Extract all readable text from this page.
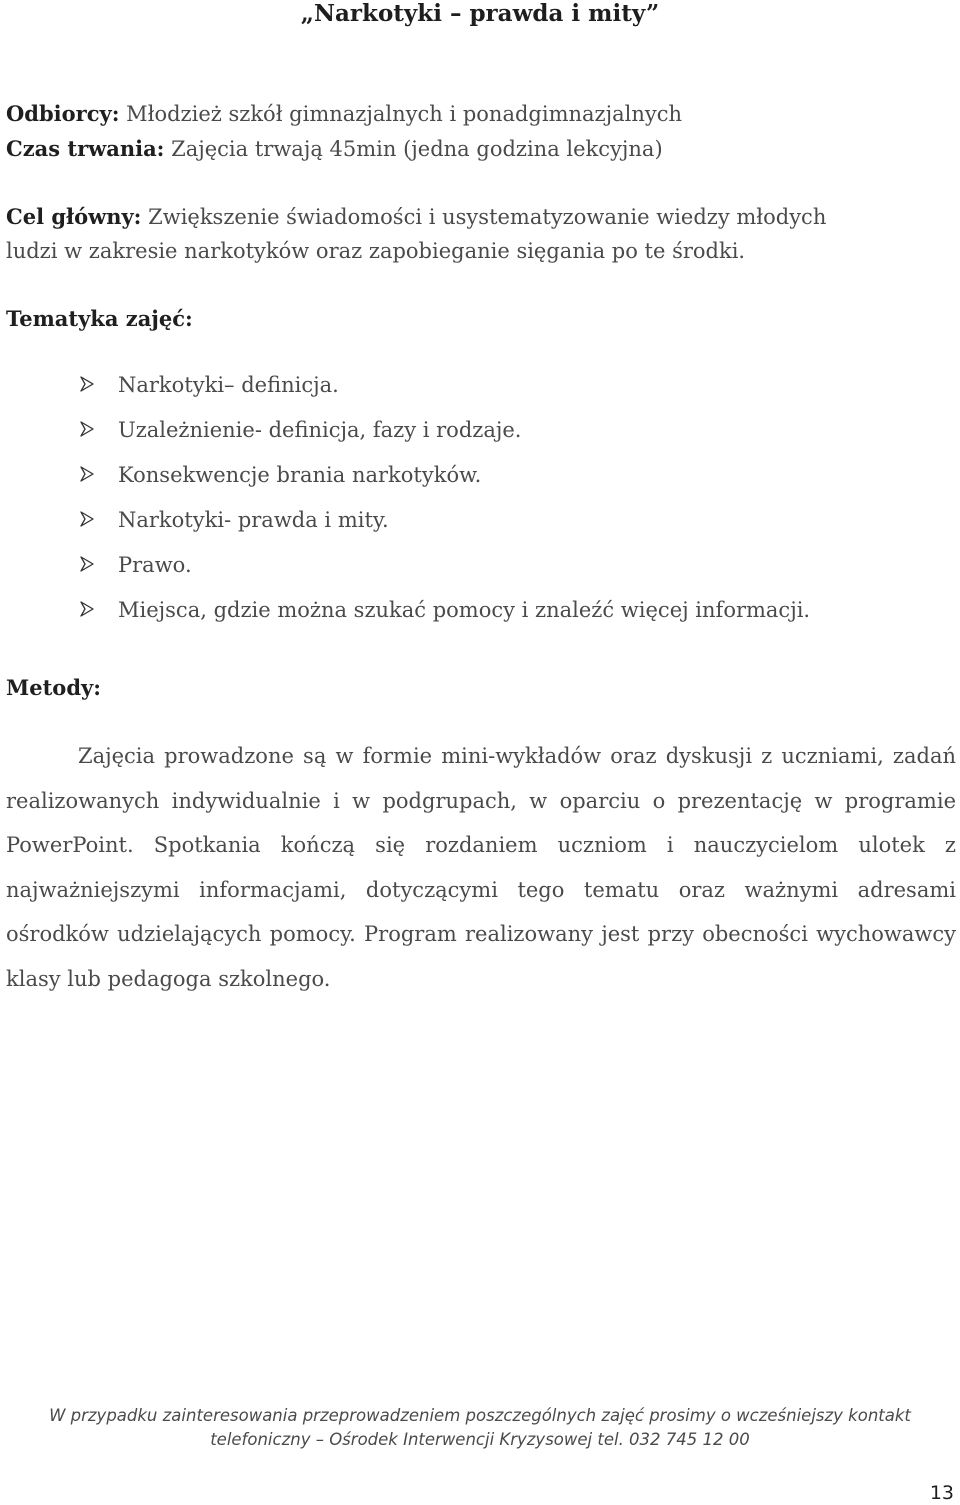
„Narkotyki – prawda i mity”

Odbiorcy: Młodzież szkół gimnazjalnych i ponadgimnazjalnych

Czas trwania: Zajęcia trwają 45min (jedna godzina lekcyjna)

Cel główny: Zwiększenie świadomości i usystematyzowanie wiedzy młodych

ludzi w zakresie narkotyków oraz zapobieganie sięgania po te środki.

Tematyka zajęć:
Narkotyki– definicja.
Uzależnienie- definicja, fazy i rodzaje.
Konsekwencje brania narkotyków.
Narkotyki- prawda i mity.
Prawo.
Miejsca, gdzie można szukać pomocy i znaleźć więcej informacji.
Metody:

Zajęcia prowadzone są w formie mini-wykładów oraz dyskusji z uczniami, zadań realizowanych indywidualnie i w podgrupach, w oparciu o prezentację w programie PowerPoint. Spotkania kończą się rozdaniem uczniom i nauczycielom ulotek z najważniejszymi informacjami, dotyczącymi tego tematu oraz ważnymi adresami ośrodków udzielających pomocy. Program realizowany jest przy obecności wychowawcy klasy lub pedagoga szkolnego.

W przypadku zainteresowania przeprowadzeniem poszczególnych zajęć prosimy o wcześniejszy kontakt

telefoniczny – Ośrodek Interwencji Kryzysowej tel. 032 745 12 00

13
